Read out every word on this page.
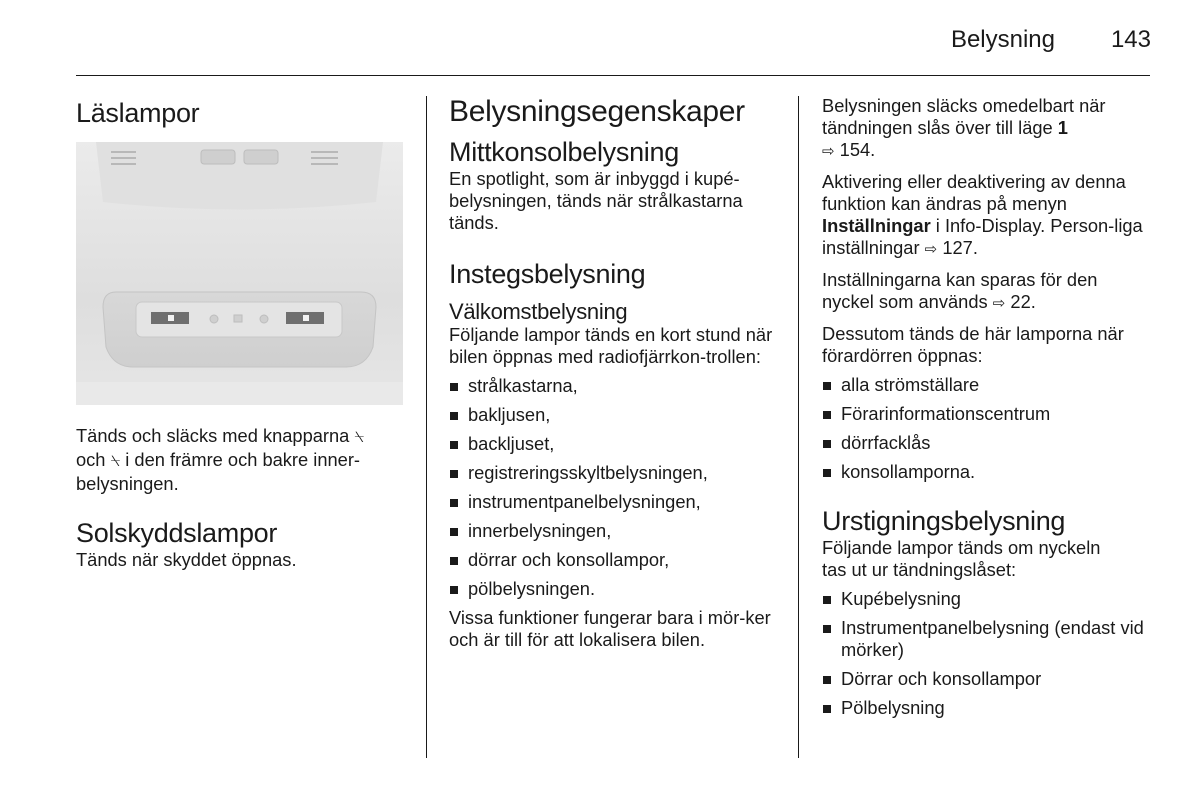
Belysning 143
Läslampor

Tänds och släcks med knapparna ⍀
och ⍀ i den främre och bakre inner-
belysningen.

Solskyddslampor

Tänds när skyddet öppnas.

Belysningsegenskaper
Mittkonsolbelysning

En spotlight, som är inbyggd i kupé-belysningen, tänds när strålkastarna tänds.

Instegsbelysning
Välkomstbelysning

Följande lampor tänds en kort stund när bilen öppnas med radiofjärrkon-trollen:

strålkastarna,
bakljusen,
backljuset,
registreringsskyltbelysningen,
instrumentpanelbelysningen,
innerbelysningen,
dörrar och konsollampor,
pölbelysningen.

Vissa funktioner fungerar bara i mör-ker och är till för att lokalisera bilen.

Belysningen släcks omedelbart när tändningen slås över till läge 1
⇨ 154.

Aktivering eller deaktivering av denna funktion kan ändras på menyn Inställningar i Info-Display. Person-liga inställningar ⇨ 127.

Inställningarna kan sparas för den nyckel som används ⇨ 22.

Dessutom tänds de här lamporna när förardörren öppnas:

alla strömställare
Förarinformationscentrum
dörrfacklås
konsollamporna.
Urstigningsbelysning

Följande lampor tänds om nyckeln tas ut ur tändningslåset:

Kupébelysning
Instrumentpanelbelysning (endast vid mörker)
Dörrar och konsollampor
Pölbelysning
